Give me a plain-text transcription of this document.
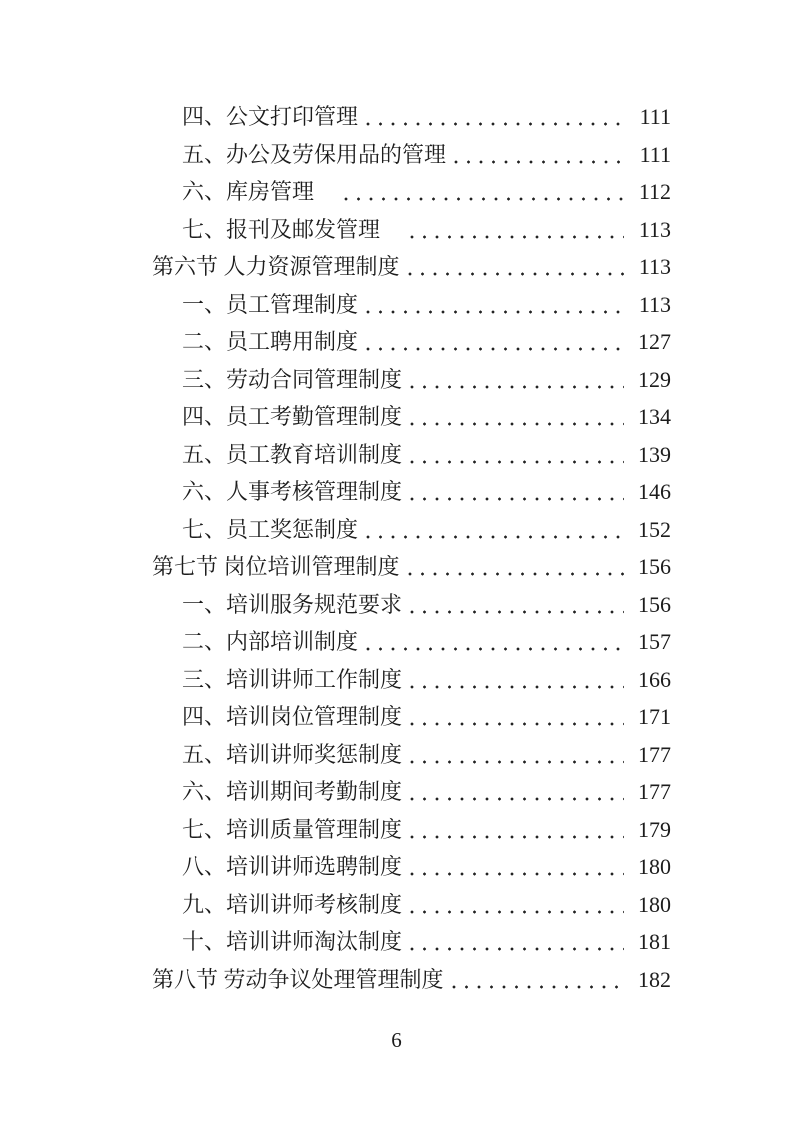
四、公文打印管理	111
五、办公及劳保用品的管理	111
六、库房管理　	112
七、报刊及邮发管理　	113
第六节 人力资源管理制度	113
一、员工管理制度	113
二、员工聘用制度	127
三、劳动合同管理制度	129
四、员工考勤管理制度	134
五、员工教育培训制度	139
六、人事考核管理制度	146
七、员工奖惩制度	152
第七节 岗位培训管理制度	156
一、培训服务规范要求	156
二、内部培训制度	157
三、培训讲师工作制度	166
四、培训岗位管理制度	171
五、培训讲师奖惩制度	177
六、培训期间考勤制度	177
七、培训质量管理制度	179
八、培训讲师选聘制度	180
九、培训讲师考核制度	180
十、培训讲师淘汰制度	181
第八节 劳动争议处理管理制度	182
6
